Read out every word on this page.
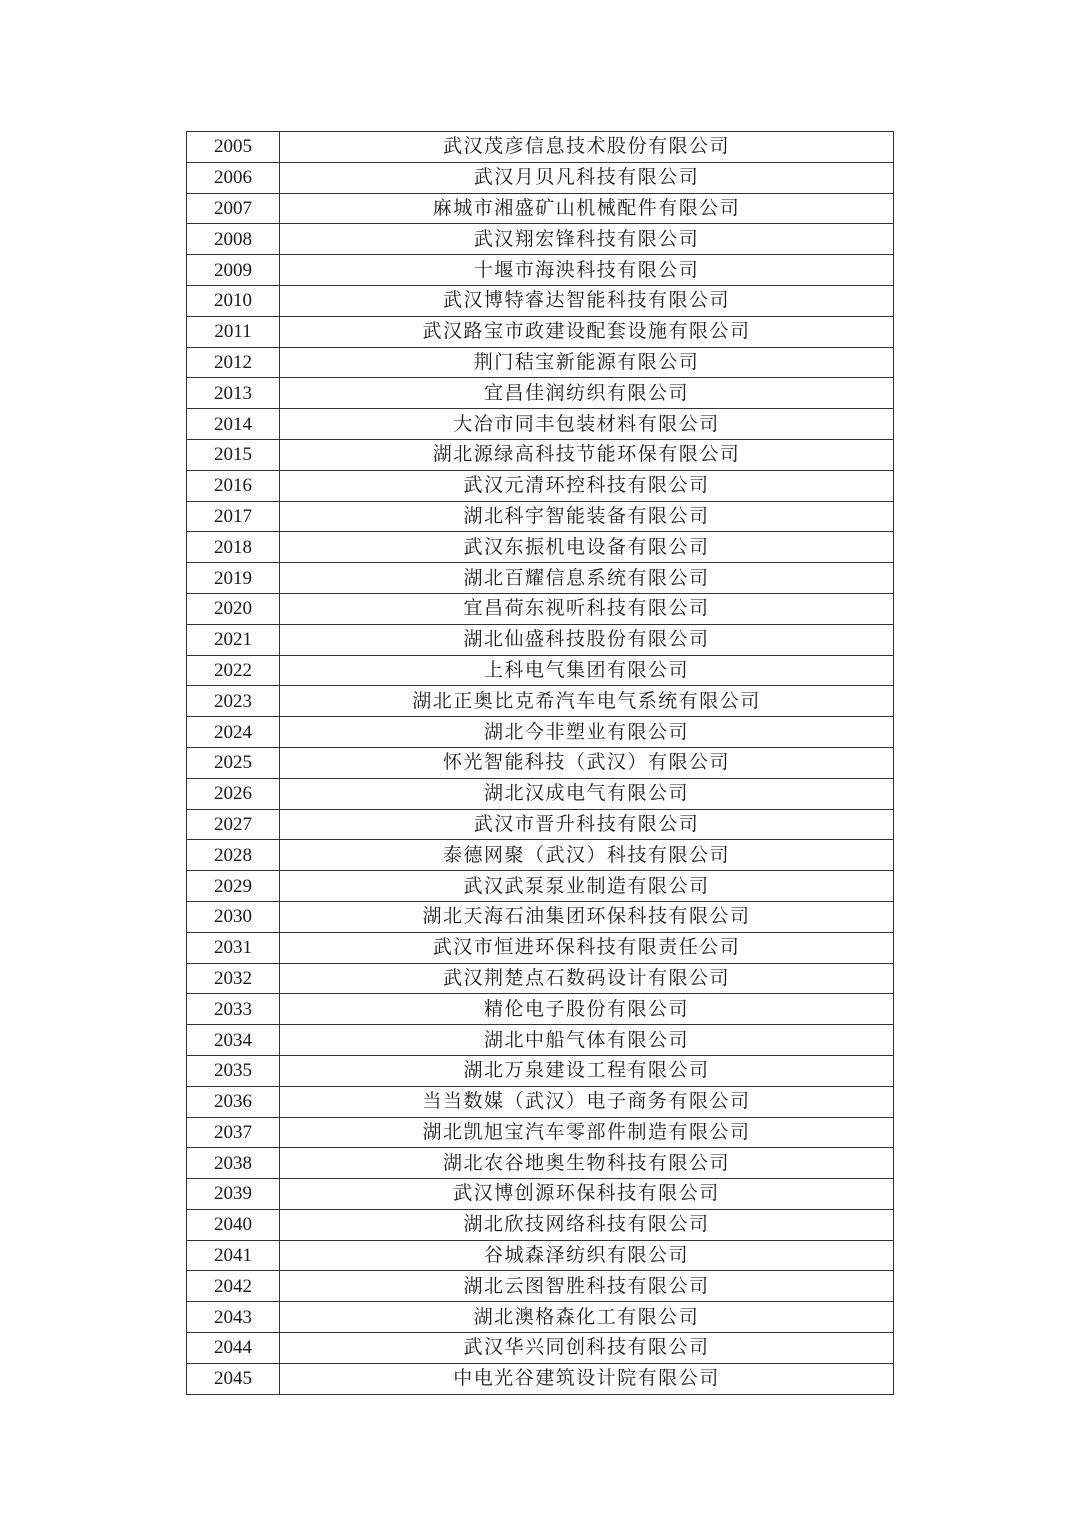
2005	武汉茂彦信息技术股份有限公司
2006	武汉月贝凡科技有限公司
2007	麻城市湘盛矿山机械配件有限公司
2008	武汉翔宏锋科技有限公司
2009	十堰市海泱科技有限公司
2010	武汉博特睿达智能科技有限公司
2011	武汉路宝市政建设配套设施有限公司
2012	荆门秸宝新能源有限公司
2013	宜昌佳润纺织有限公司
2014	大冶市同丰包装材料有限公司
2015	湖北源绿高科技节能环保有限公司
2016	武汉元清环控科技有限公司
2017	湖北科宇智能装备有限公司
2018	武汉东振机电设备有限公司
2019	湖北百耀信息系统有限公司
2020	宜昌荷东视听科技有限公司
2021	湖北仙盛科技股份有限公司
2022	上科电气集团有限公司
2023	湖北正奥比克希汽车电气系统有限公司
2024	湖北今非塑业有限公司
2025	怀光智能科技（武汉）有限公司
2026	湖北汉成电气有限公司
2027	武汉市晋升科技有限公司
2028	泰德网聚（武汉）科技有限公司
2029	武汉武泵泵业制造有限公司
2030	湖北天海石油集团环保科技有限公司
2031	武汉市恒进环保科技有限责任公司
2032	武汉荆楚点石数码设计有限公司
2033	精伦电子股份有限公司
2034	湖北中船气体有限公司
2035	湖北万泉建设工程有限公司
2036	当当数媒（武汉）电子商务有限公司
2037	湖北凯旭宝汽车零部件制造有限公司
2038	湖北农谷地奥生物科技有限公司
2039	武汉博创源环保科技有限公司
2040	湖北欣技网络科技有限公司
2041	谷城森泽纺织有限公司
2042	湖北云图智胜科技有限公司
2043	湖北澳格森化工有限公司
2044	武汉华兴同创科技有限公司
2045	中电光谷建筑设计院有限公司
